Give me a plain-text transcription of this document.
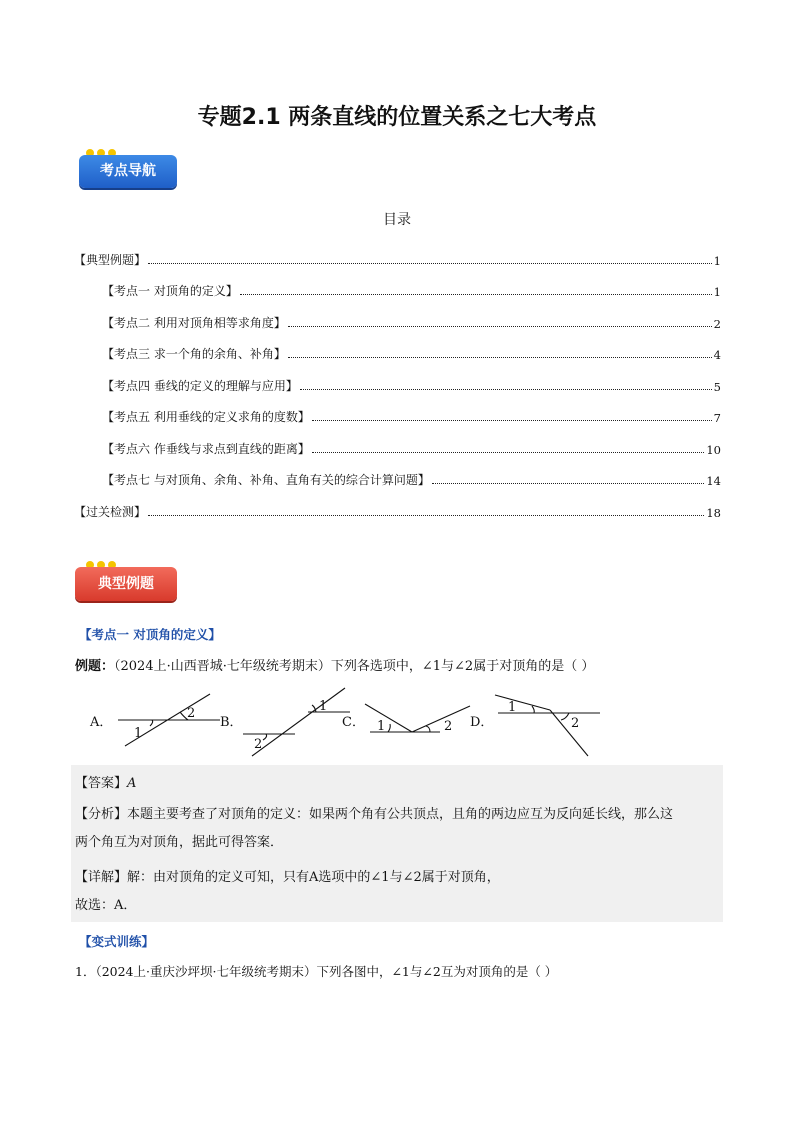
专题2.1 两条直线的位置关系之七大考点
考点导航
目录
【典型例题】	1
【考点一 对顶角的定义】	1
【考点二 利用对顶角相等求角度】	2
【考点三 求一个角的余角、补角】	4
【考点四 垂线的定义的理解与应用】	5
【考点五 利用垂线的定义求角的度数】	7
【考点六 作垂线与求点到直线的距离】	10
【考点七 与对顶角、余角、补角、直角有关的综合计算问题】	14
【过关检测】	18
典型例题
【考点一 对顶角的定义】
例题：（2024上·山西晋城·七年级统考期末）下列各选项中，∠1与∠2属于对顶角的是（ ）
A．
1
2
B．
2
1
C． 1	2 D．
1
2
【答案】A
【分析】本题主要考查了对顶角的定义：如果两个角有公共顶点，且角的两边应互为反向延长线，那么这
两个角互为对顶角，据此可得答案．
【详解】解：由对顶角的定义可知，只有A选项中的∠1与∠2属于对顶角，
故选：A．
【变式训练】
1．（2024上·重庆沙坪坝·七年级统考期末）下列各图中，∠1与∠2互为对顶角的是（ ）
